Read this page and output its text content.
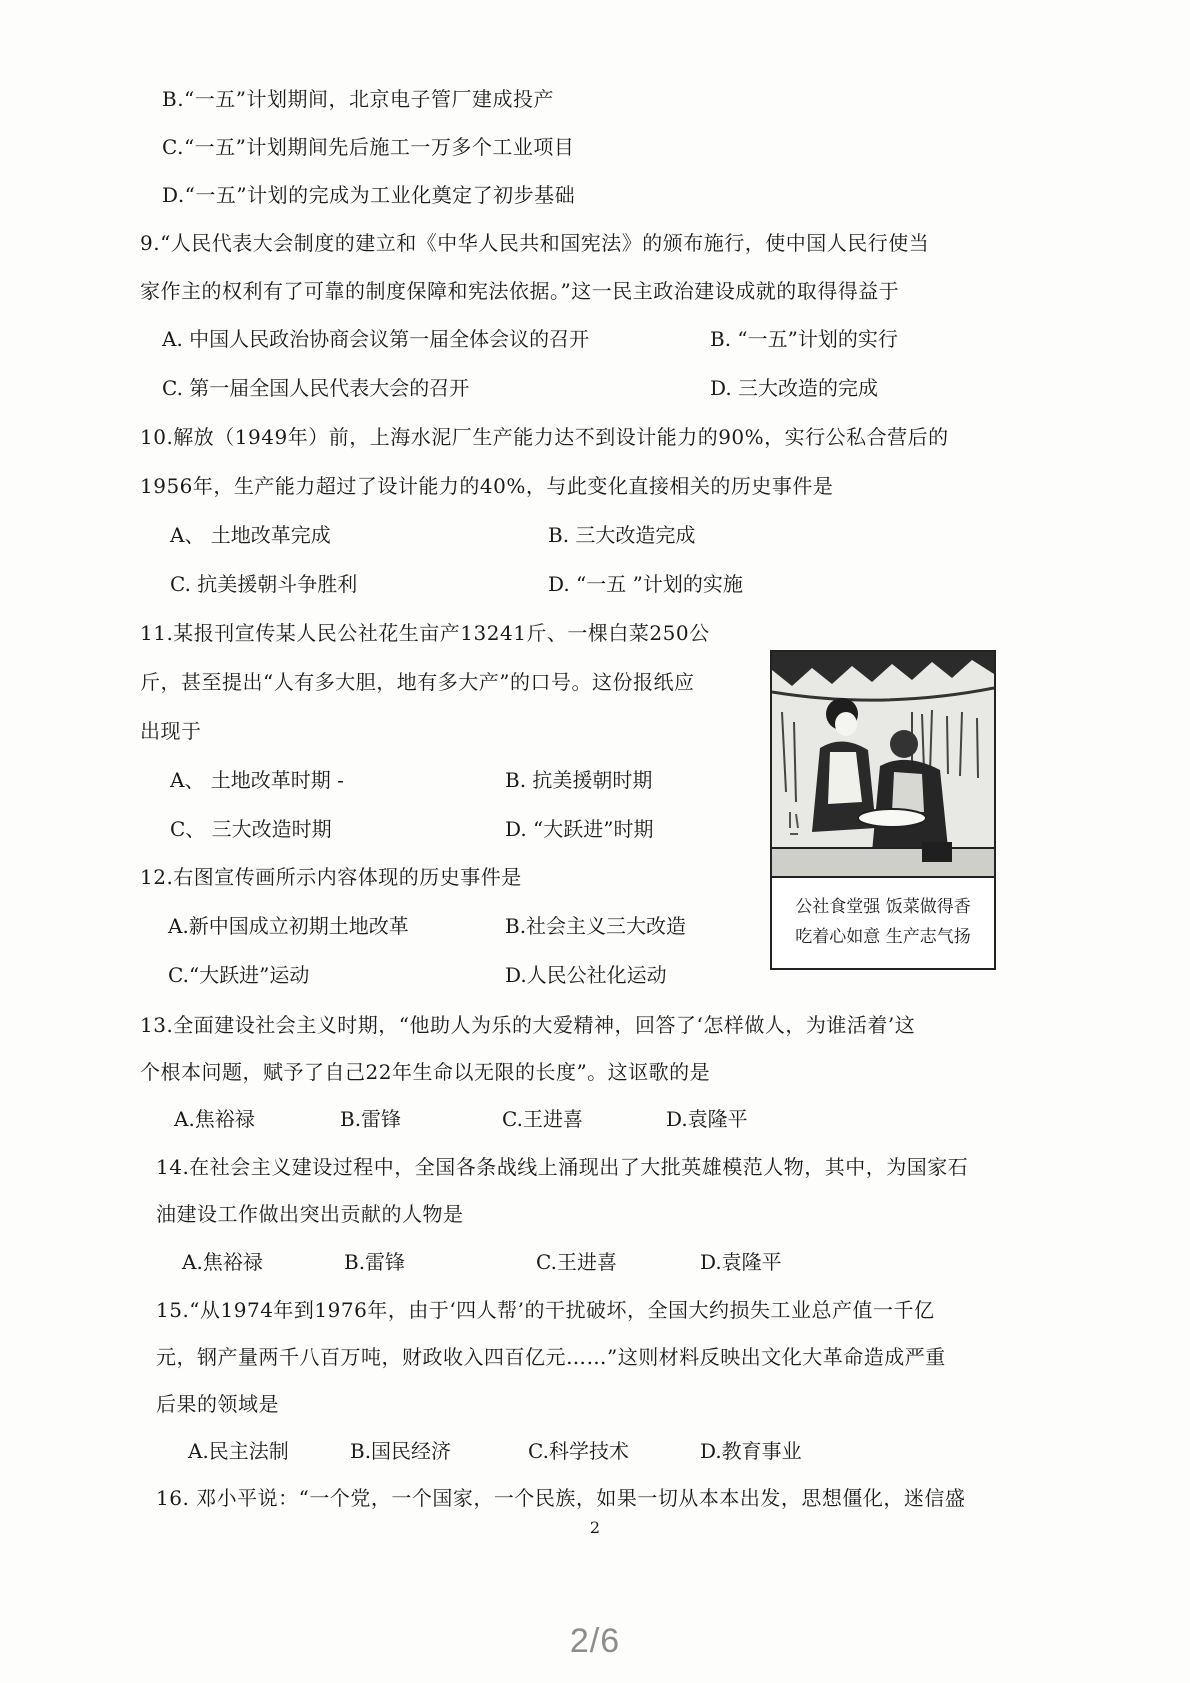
B.“一五”计划期间，北京电子管厂建成投产
C.“一五”计划期间先后施工一万多个工业项目
D.“一五”计划的完成为工业化奠定了初步基础
9.“人民代表大会制度的建立和《中华人民共和国宪法》的颁布施行，使中国人民行使当
家作主的权利有了可靠的制度保障和宪法依据。”这一民主政治建设成就的取得得益于
A. 中国人民政治协商会议第一届全体会议的召开	B. “一五”计划的实行
C. 第一届全国人民代表大会的召开	D. 三大改造的完成
10.解放（1949年）前，上海水泥厂生产能力达不到设计能力的90%，实行公私合营后的
1956年，生产能力超过了设计能力的40%，与此变化直接相关的历史事件是
A、 土地改革完成	B. 三大改造完成
C. 抗美援朝斗争胜利	D. “一五 ”计划的实施
11.某报刊宣传某人民公社花生亩产13241斤、一棵白菜250公
斤，甚至提出“人有多大胆，地有多大产”的口号。这份报纸应
出现于
A、 土地改革时期 -	B. 抗美援朝时期
C、 三大改造时期	D. “大跃进”时期
12.右图宣传画所示内容体现的历史事件是
A.新中国成立初期土地改革	B.社会主义三大改造
C.“大跃进”运动	D.人民公社化运动
公社食堂强 饭菜做得香
吃着心如意 生产志气扬
13.全面建设社会主义时期，“他助人为乐的大爱精神，回答了‘怎样做人，为谁活着’这
个根本问题，赋予了自己22年生命以无限的长度”。这讴歌的是
A.焦裕禄	B.雷锋	C.王进喜	D.袁隆平
14.在社会主义建设过程中，全国各条战线上涌现出了大批英雄模范人物，其中，为国家石
油建设工作做出突出贡献的人物是
A.焦裕禄	B.雷锋	C.王进喜	D.袁隆平
15.“从1974年到1976年，由于‘四人帮’的干扰破坏，全国大约损失工业总产值一千亿
元，钢产量两千八百万吨，财政收入四百亿元……”这则材料反映出文化大革命造成严重
后果的领域是
A.民主法制	B.国民经济	C.科学技术	D.教育事业
16. 邓小平说：“一个党，一个国家，一个民族，如果一切从本本出发，思想僵化，迷信盛
2
2/6
